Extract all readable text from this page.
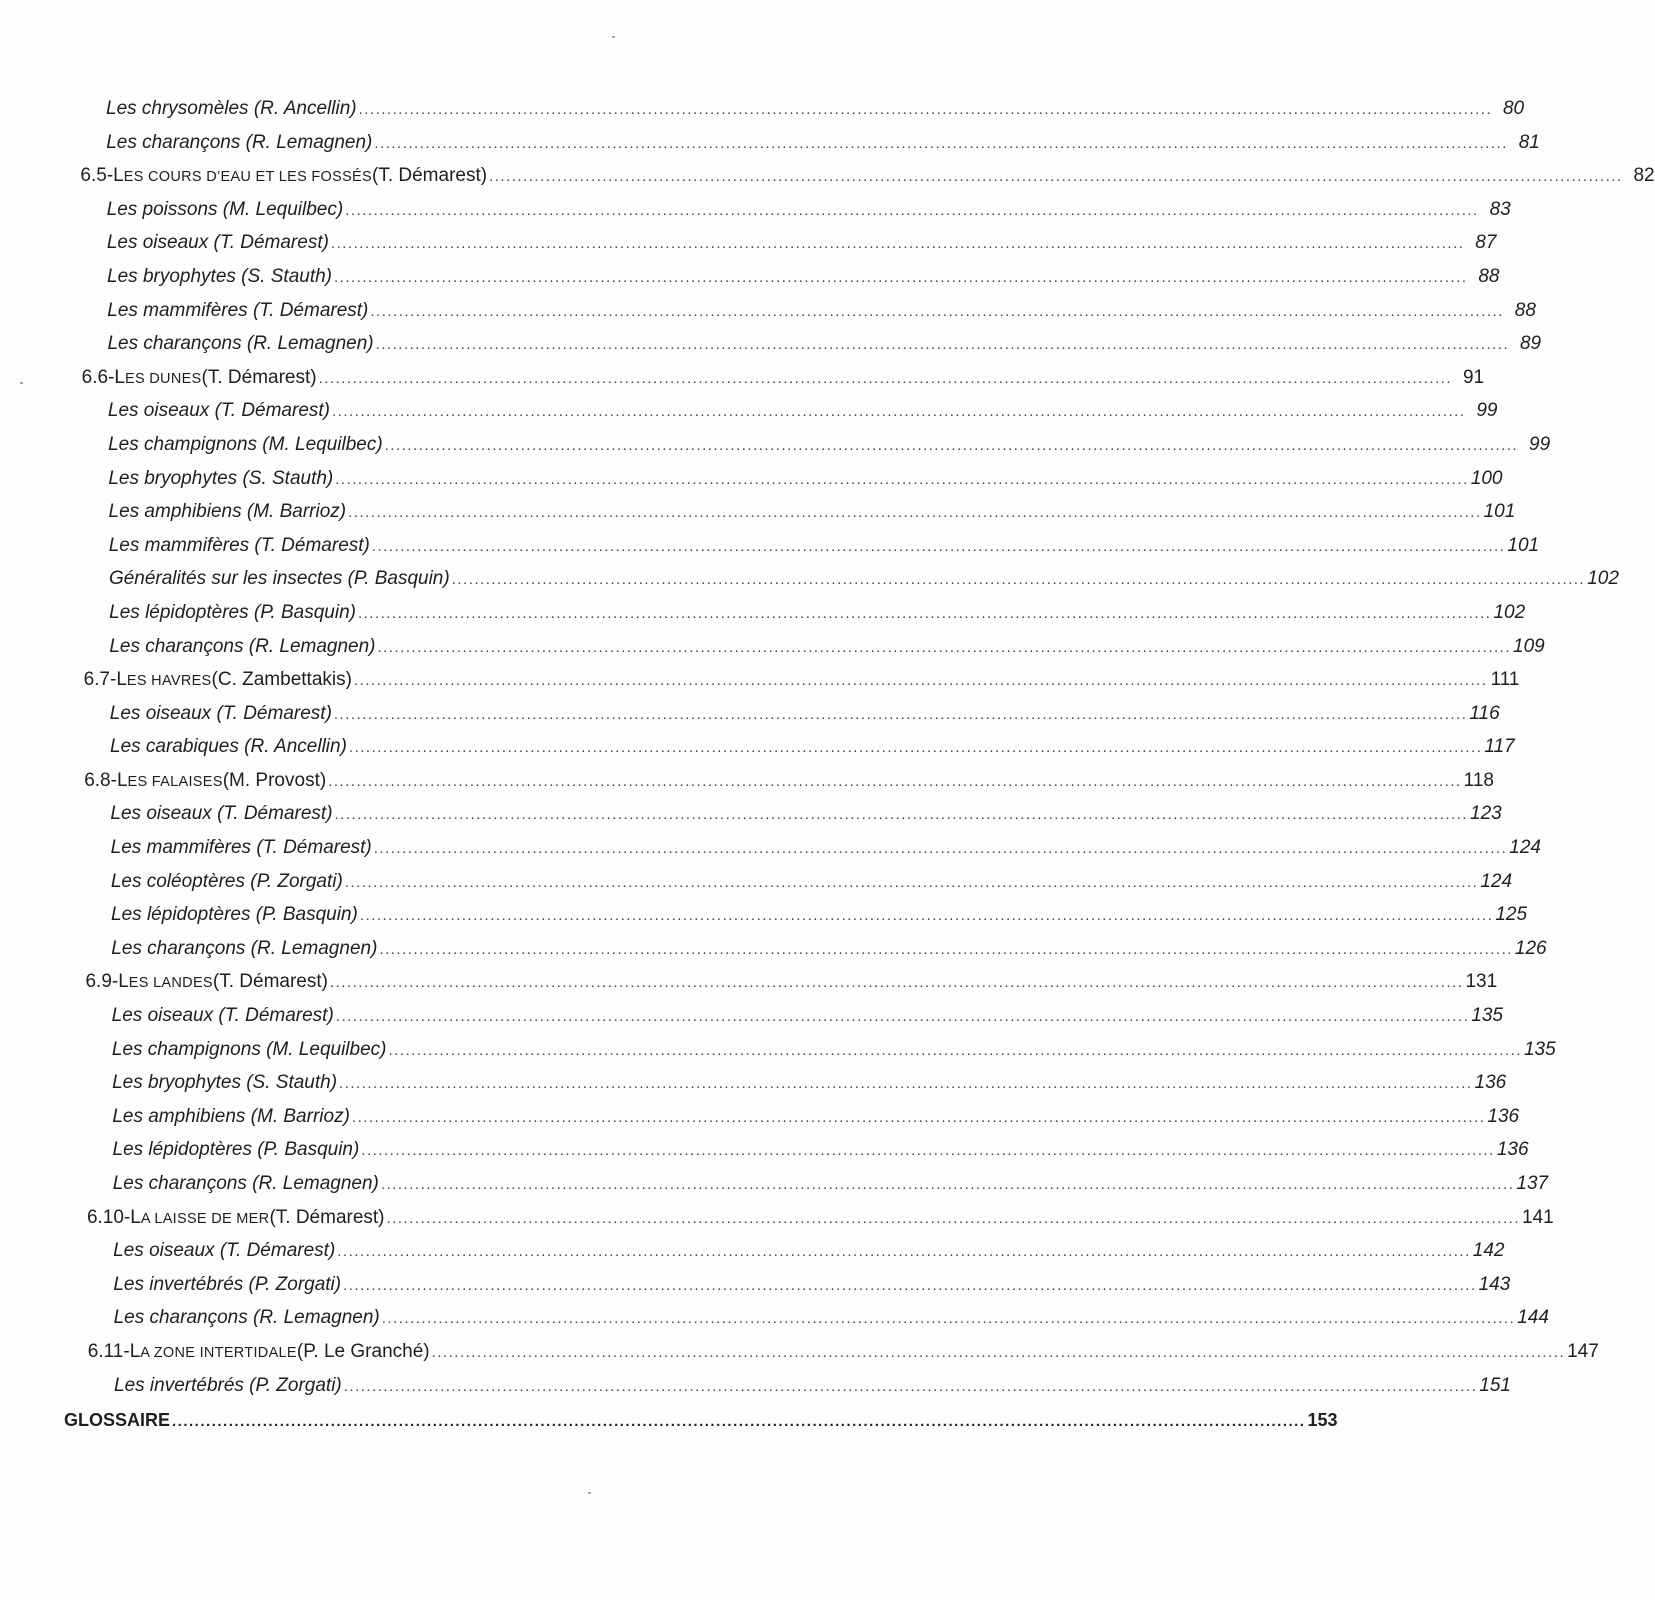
Les chrysomèles (R. Ancellin) ........................................................................................................................................................................................................ 80
Les charançons (R. Lemagnen) ........................................................................................................................................................................................................ 81
6.5- LES COURS D’EAU ET LES FOSSÉS (T. Démarest) ........................................................................................................................................................................................................ 82
Les poissons (M. Lequilbec) ........................................................................................................................................................................................................ 83
Les oiseaux (T. Démarest) ........................................................................................................................................................................................................ 87
Les bryophytes (S. Stauth) ........................................................................................................................................................................................................ 88
Les mammifères (T. Démarest) ........................................................................................................................................................................................................ 88
Les charançons (R. Lemagnen) ........................................................................................................................................................................................................ 89
6.6- LES DUNES (T. Démarest) ........................................................................................................................................................................................................ 91
Les oiseaux (T. Démarest) ........................................................................................................................................................................................................ 99
Les champignons (M. Lequilbec) ........................................................................................................................................................................................................ 99
Les bryophytes (S. Stauth) ........................................................................................................................................................................................................ 100
Les amphibiens (M. Barrioz) ........................................................................................................................................................................................................ 101
Les mammifères (T. Démarest) ........................................................................................................................................................................................................ 101
Généralités sur les insectes (P. Basquin) ........................................................................................................................................................................................................ 102
Les lépidoptères (P. Basquin) ........................................................................................................................................................................................................ 102
Les charançons (R. Lemagnen) ........................................................................................................................................................................................................ 109
6.7- LES HAVRES (C. Zambettakis) ........................................................................................................................................................................................................ 111
Les oiseaux (T. Démarest) ........................................................................................................................................................................................................ 116
Les carabiques (R. Ancellin) ........................................................................................................................................................................................................ 117
6.8- LES FALAISES (M. Provost) ........................................................................................................................................................................................................ 118
Les oiseaux (T. Démarest) ........................................................................................................................................................................................................ 123
Les mammifères (T. Démarest) ........................................................................................................................................................................................................ 124
Les coléoptères (P. Zorgati) ........................................................................................................................................................................................................ 124
Les lépidoptères (P. Basquin) ........................................................................................................................................................................................................ 125
Les charançons (R. Lemagnen) ........................................................................................................................................................................................................ 126
6.9- LES LANDES (T. Démarest) ........................................................................................................................................................................................................ 131
Les oiseaux (T. Démarest) ........................................................................................................................................................................................................ 135
Les champignons (M. Lequilbec) ........................................................................................................................................................................................................ 135
Les bryophytes (S. Stauth) ........................................................................................................................................................................................................ 136
Les amphibiens (M. Barrioz) ........................................................................................................................................................................................................ 136
Les lépidoptères (P. Basquin) ........................................................................................................................................................................................................ 136
Les charançons (R. Lemagnen) ........................................................................................................................................................................................................ 137
6.10- LA LAISSE DE MER (T. Démarest) ........................................................................................................................................................................................................ 141
Les oiseaux (T. Démarest) ........................................................................................................................................................................................................ 142
Les invertébrés (P. Zorgati) ........................................................................................................................................................................................................ 143
Les charançons (R. Lemagnen) ........................................................................................................................................................................................................ 144
6.11- LA ZONE INTERTIDALE (P. Le Granché) ........................................................................................................................................................................................................ 147
Les invertébrés (P. Zorgati) ........................................................................................................................................................................................................ 151
GLOSSAIRE ........................................................................................................................................................................................................ 153
